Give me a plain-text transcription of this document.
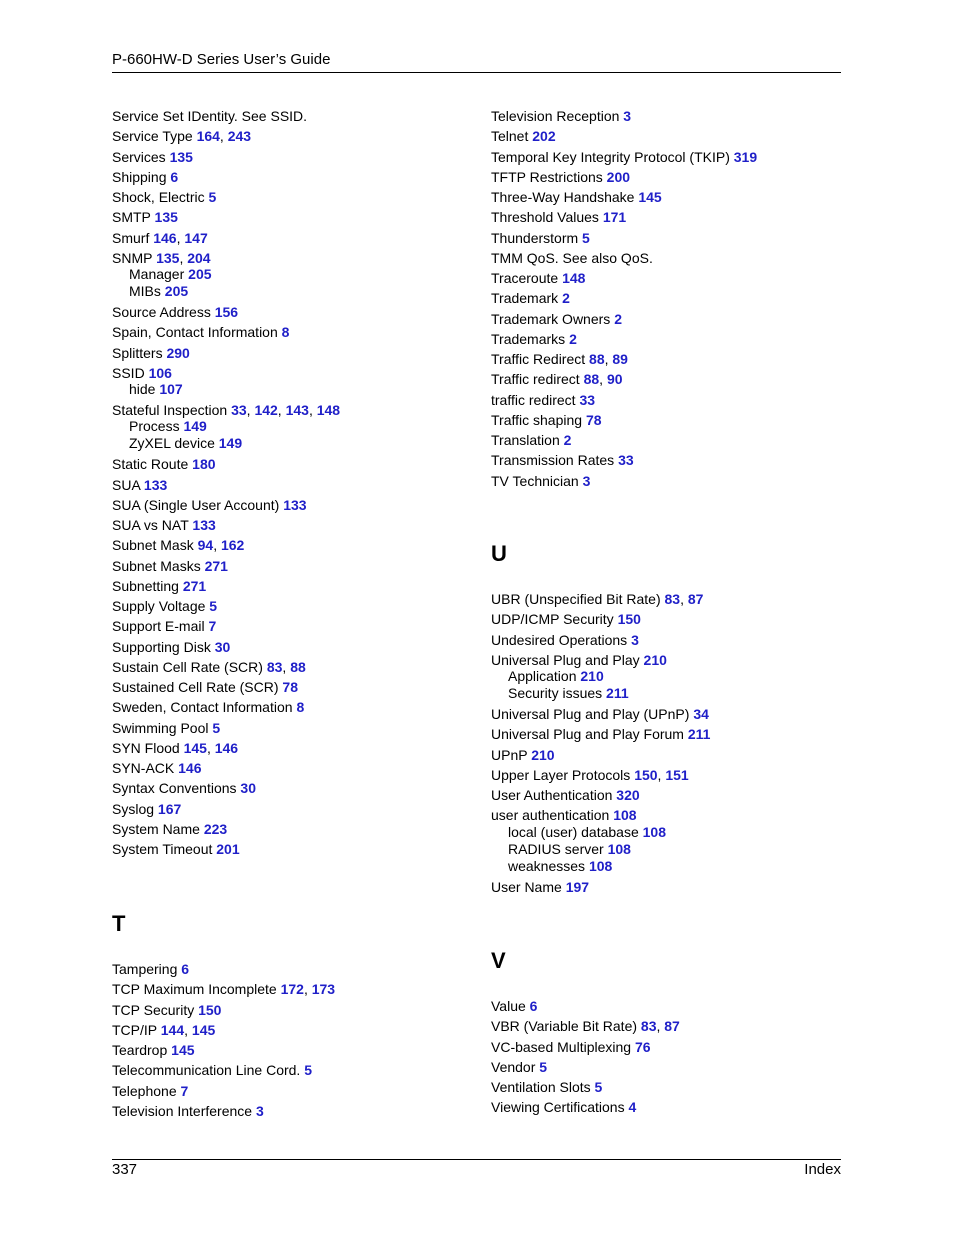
P-660HW-D Series User’s Guide
Service Set IDentity. See SSID.
Service Type 164, 243
Services 135
Shipping 6
Shock, Electric 5
SMTP 135
Smurf 146, 147
SNMP 135, 204
Manager 205
MIBs 205
Source Address 156
Spain, Contact Information 8
Splitters 290
SSID 106
hide 107
Stateful Inspection 33, 142, 143, 148
Process 149
ZyXEL device 149
Static Route 180
SUA 133
SUA (Single User Account) 133
SUA vs NAT 133
Subnet Mask 94, 162
Subnet Masks 271
Subnetting 271
Supply Voltage 5
Support E-mail 7
Supporting Disk 30
Sustain Cell Rate (SCR) 83, 88
Sustained Cell Rate (SCR) 78
Sweden, Contact Information 8
Swimming Pool 5
SYN Flood 145, 146
SYN-ACK 146
Syntax Conventions 30
Syslog 167
System Name 223
System Timeout 201
T
Tampering 6
TCP Maximum Incomplete 172, 173
TCP Security 150
TCP/IP 144, 145
Teardrop 145
Telecommunication Line Cord. 5
Telephone 7
Television Interference 3
Television Reception 3
Telnet 202
Temporal Key Integrity Protocol (TKIP) 319
TFTP Restrictions 200
Three-Way Handshake 145
Threshold Values 171
Thunderstorm 5
TMM QoS. See also QoS.
Traceroute 148
Trademark 2
Trademark Owners 2
Trademarks 2
Traffic Redirect 88, 89
Traffic redirect 88, 90
traffic redirect 33
Traffic shaping 78
Translation 2
Transmission Rates 33
TV Technician 3
U
UBR (Unspecified Bit Rate) 83, 87
UDP/ICMP Security 150
Undesired Operations 3
Universal Plug and Play 210
Application 210
Security issues 211
Universal Plug and Play (UPnP) 34
Universal Plug and Play Forum 211
UPnP 210
Upper Layer Protocols 150, 151
User Authentication 320
user authentication 108
local (user) database 108
RADIUS server 108
weaknesses 108
User Name 197
V
Value 6
VBR (Variable Bit Rate) 83, 87
VC-based Multiplexing 76
Vendor 5
Ventilation Slots 5
Viewing Certifications 4
337	Index
